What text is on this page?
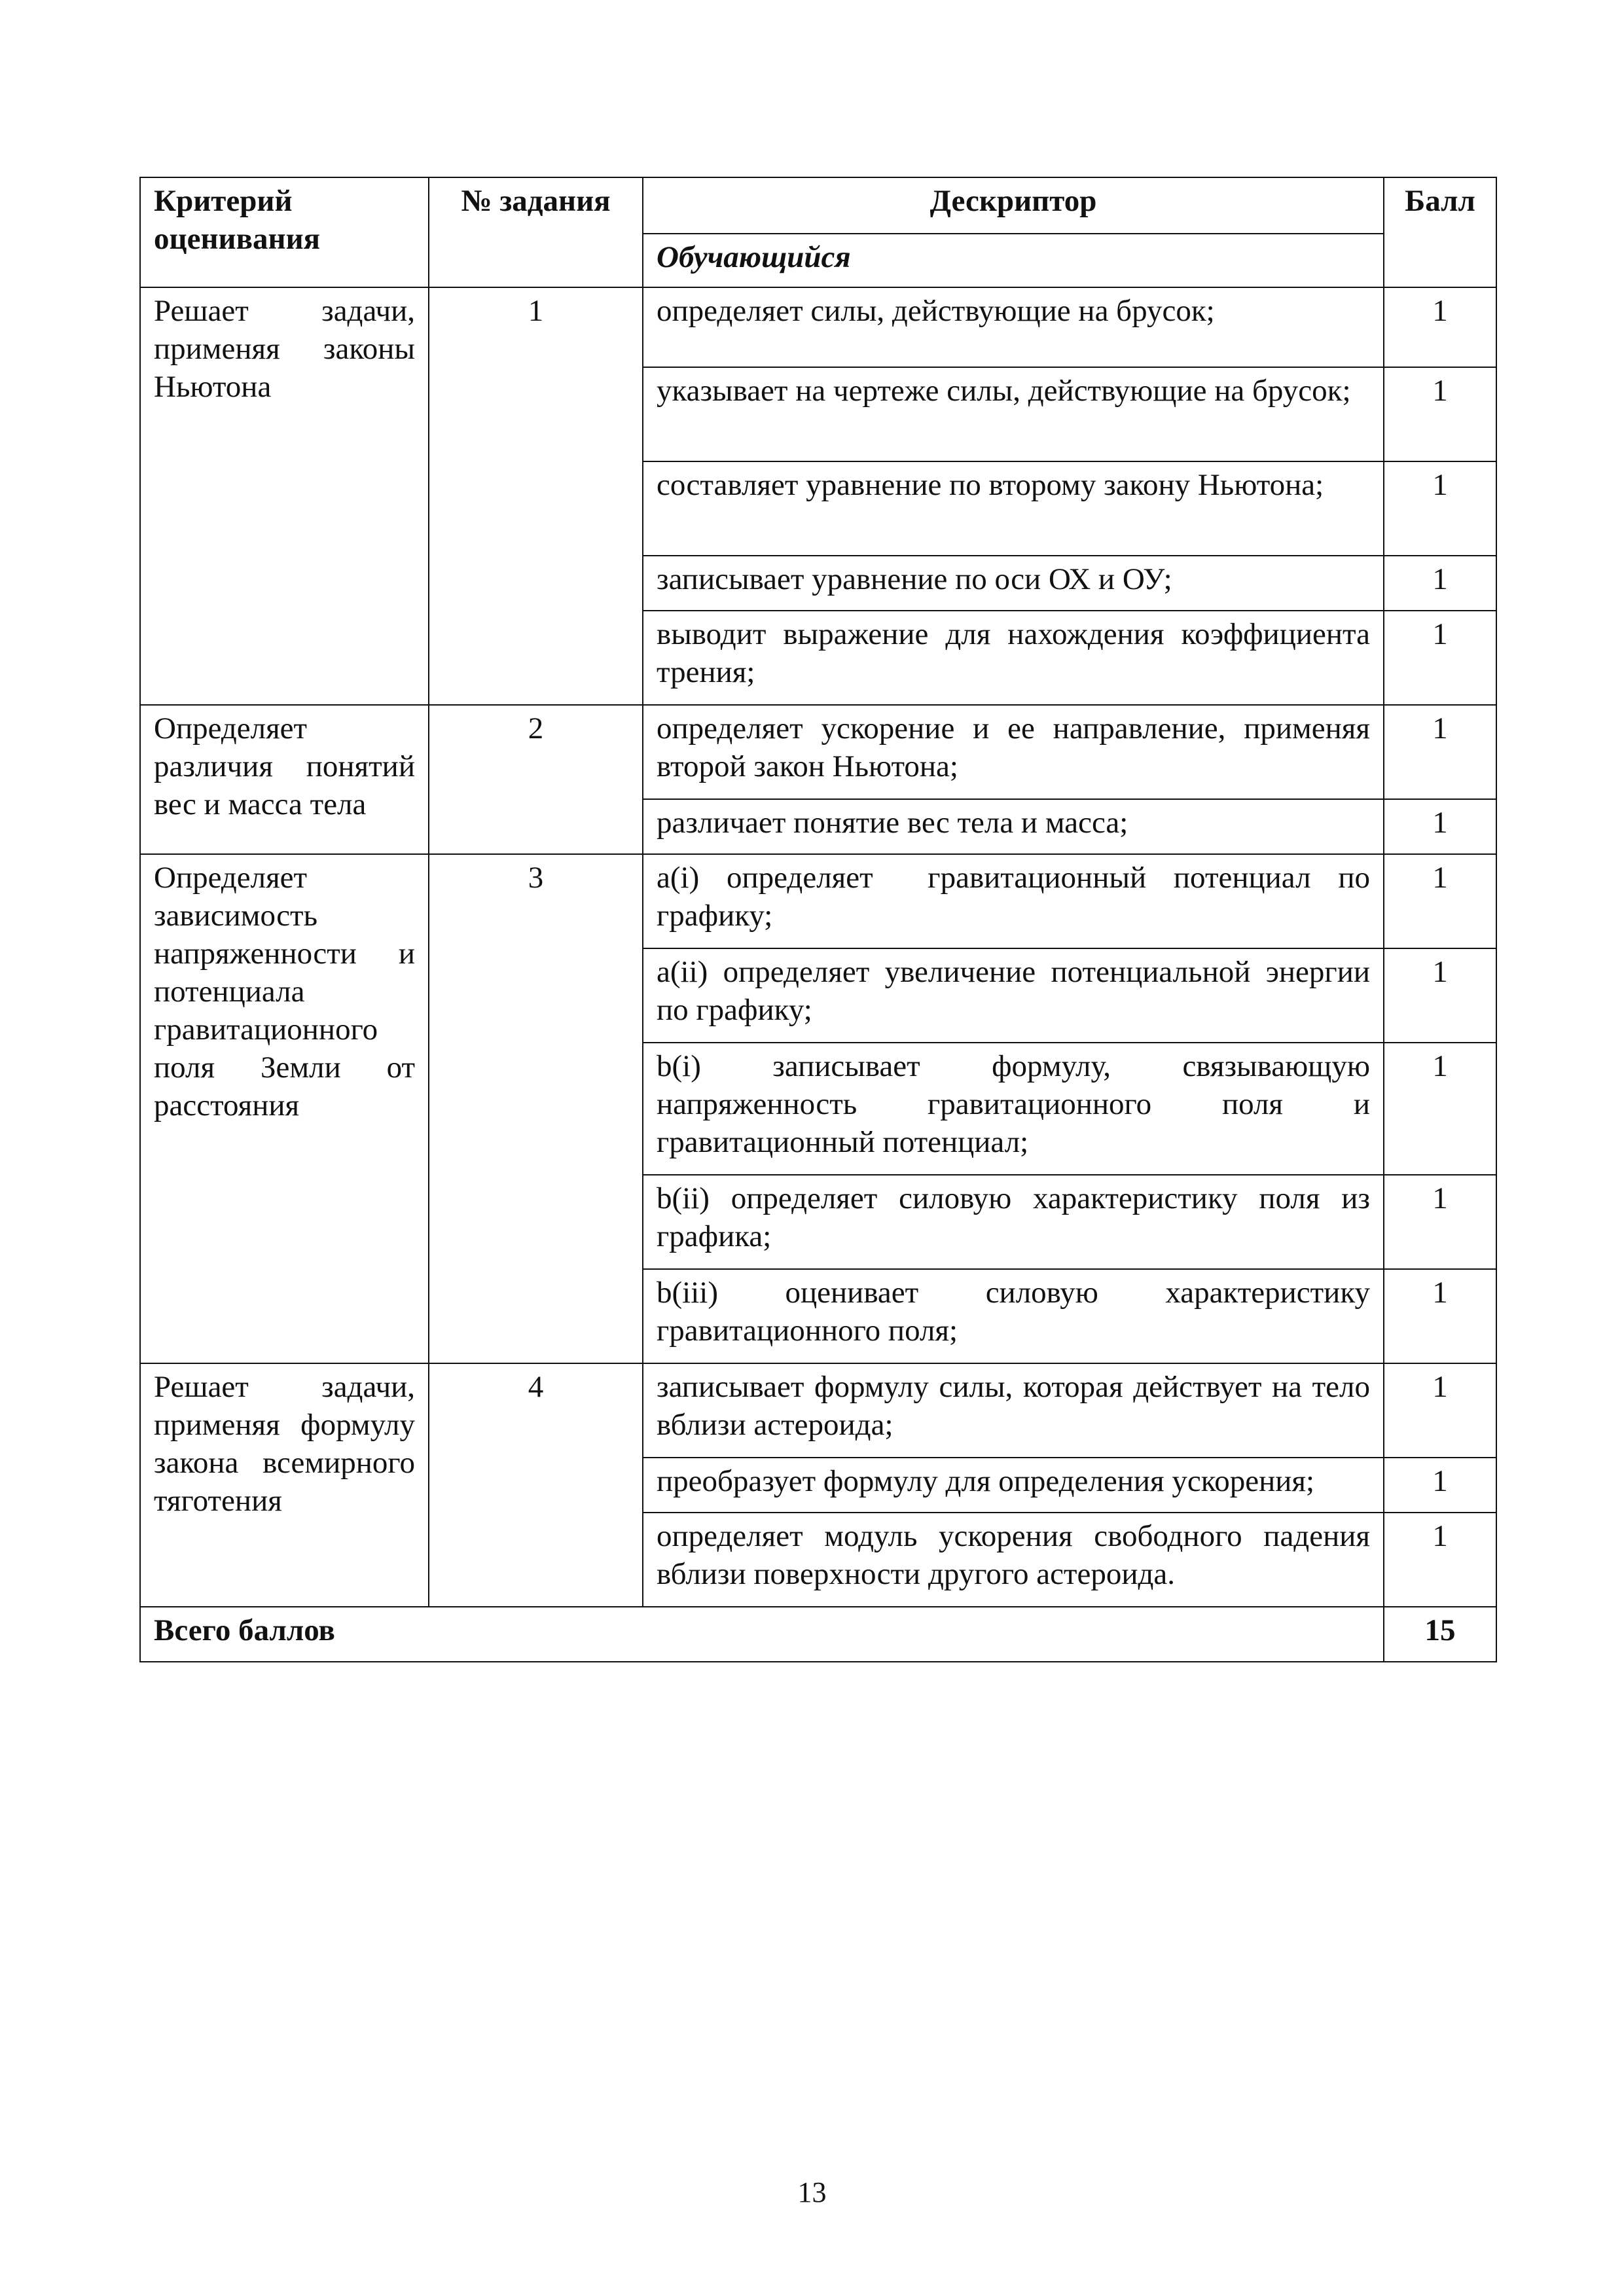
Критерий оценивания	№ задания	Дескриптор	Балл
		Обучающийся	
Решает задачи, применяя законы Ньютона	1	определяет силы, действующие на брусок;	1
		указывает на чертеже силы, действующие на брусок;	1
		составляет уравнение по второму закону Ньютона;	1
		записывает уравнение по оси ОХ и ОУ;	1
		выводит выражение для нахождения коэффициента трения;	1
Определяет различия понятий вес и масса тела	2	определяет ускорение и ее направление, применяя второй закон Ньютона;	1
		различает понятие вес тела и масса;	1
Определяет зависимость напряженности и потенциала гравитационного поля Земли от расстояния	3	a(i) определяет  гравитационный потенциал по графику;	1
		a(ii) определяет увеличение потенциальной энергии по графику;	1
		b(i) записывает формулу, связывающую напряженность гравитационного поля и гравитационный потенциал;	1
		b(ii) определяет силовую характеристику поля из графика;	1
		b(iii) оценивает силовую характеристику гравитационного поля;	1
Решает задачи, применяя формулу закона всемирного тяготения	4	записывает формулу силы, которая действует на тело вблизи астероида;	1
		преобразует формулу для определения ускорения;	1
		определяет модуль ускорения свободного падения вблизи поверхности другого астероида.	1
Всего баллов			15
13
